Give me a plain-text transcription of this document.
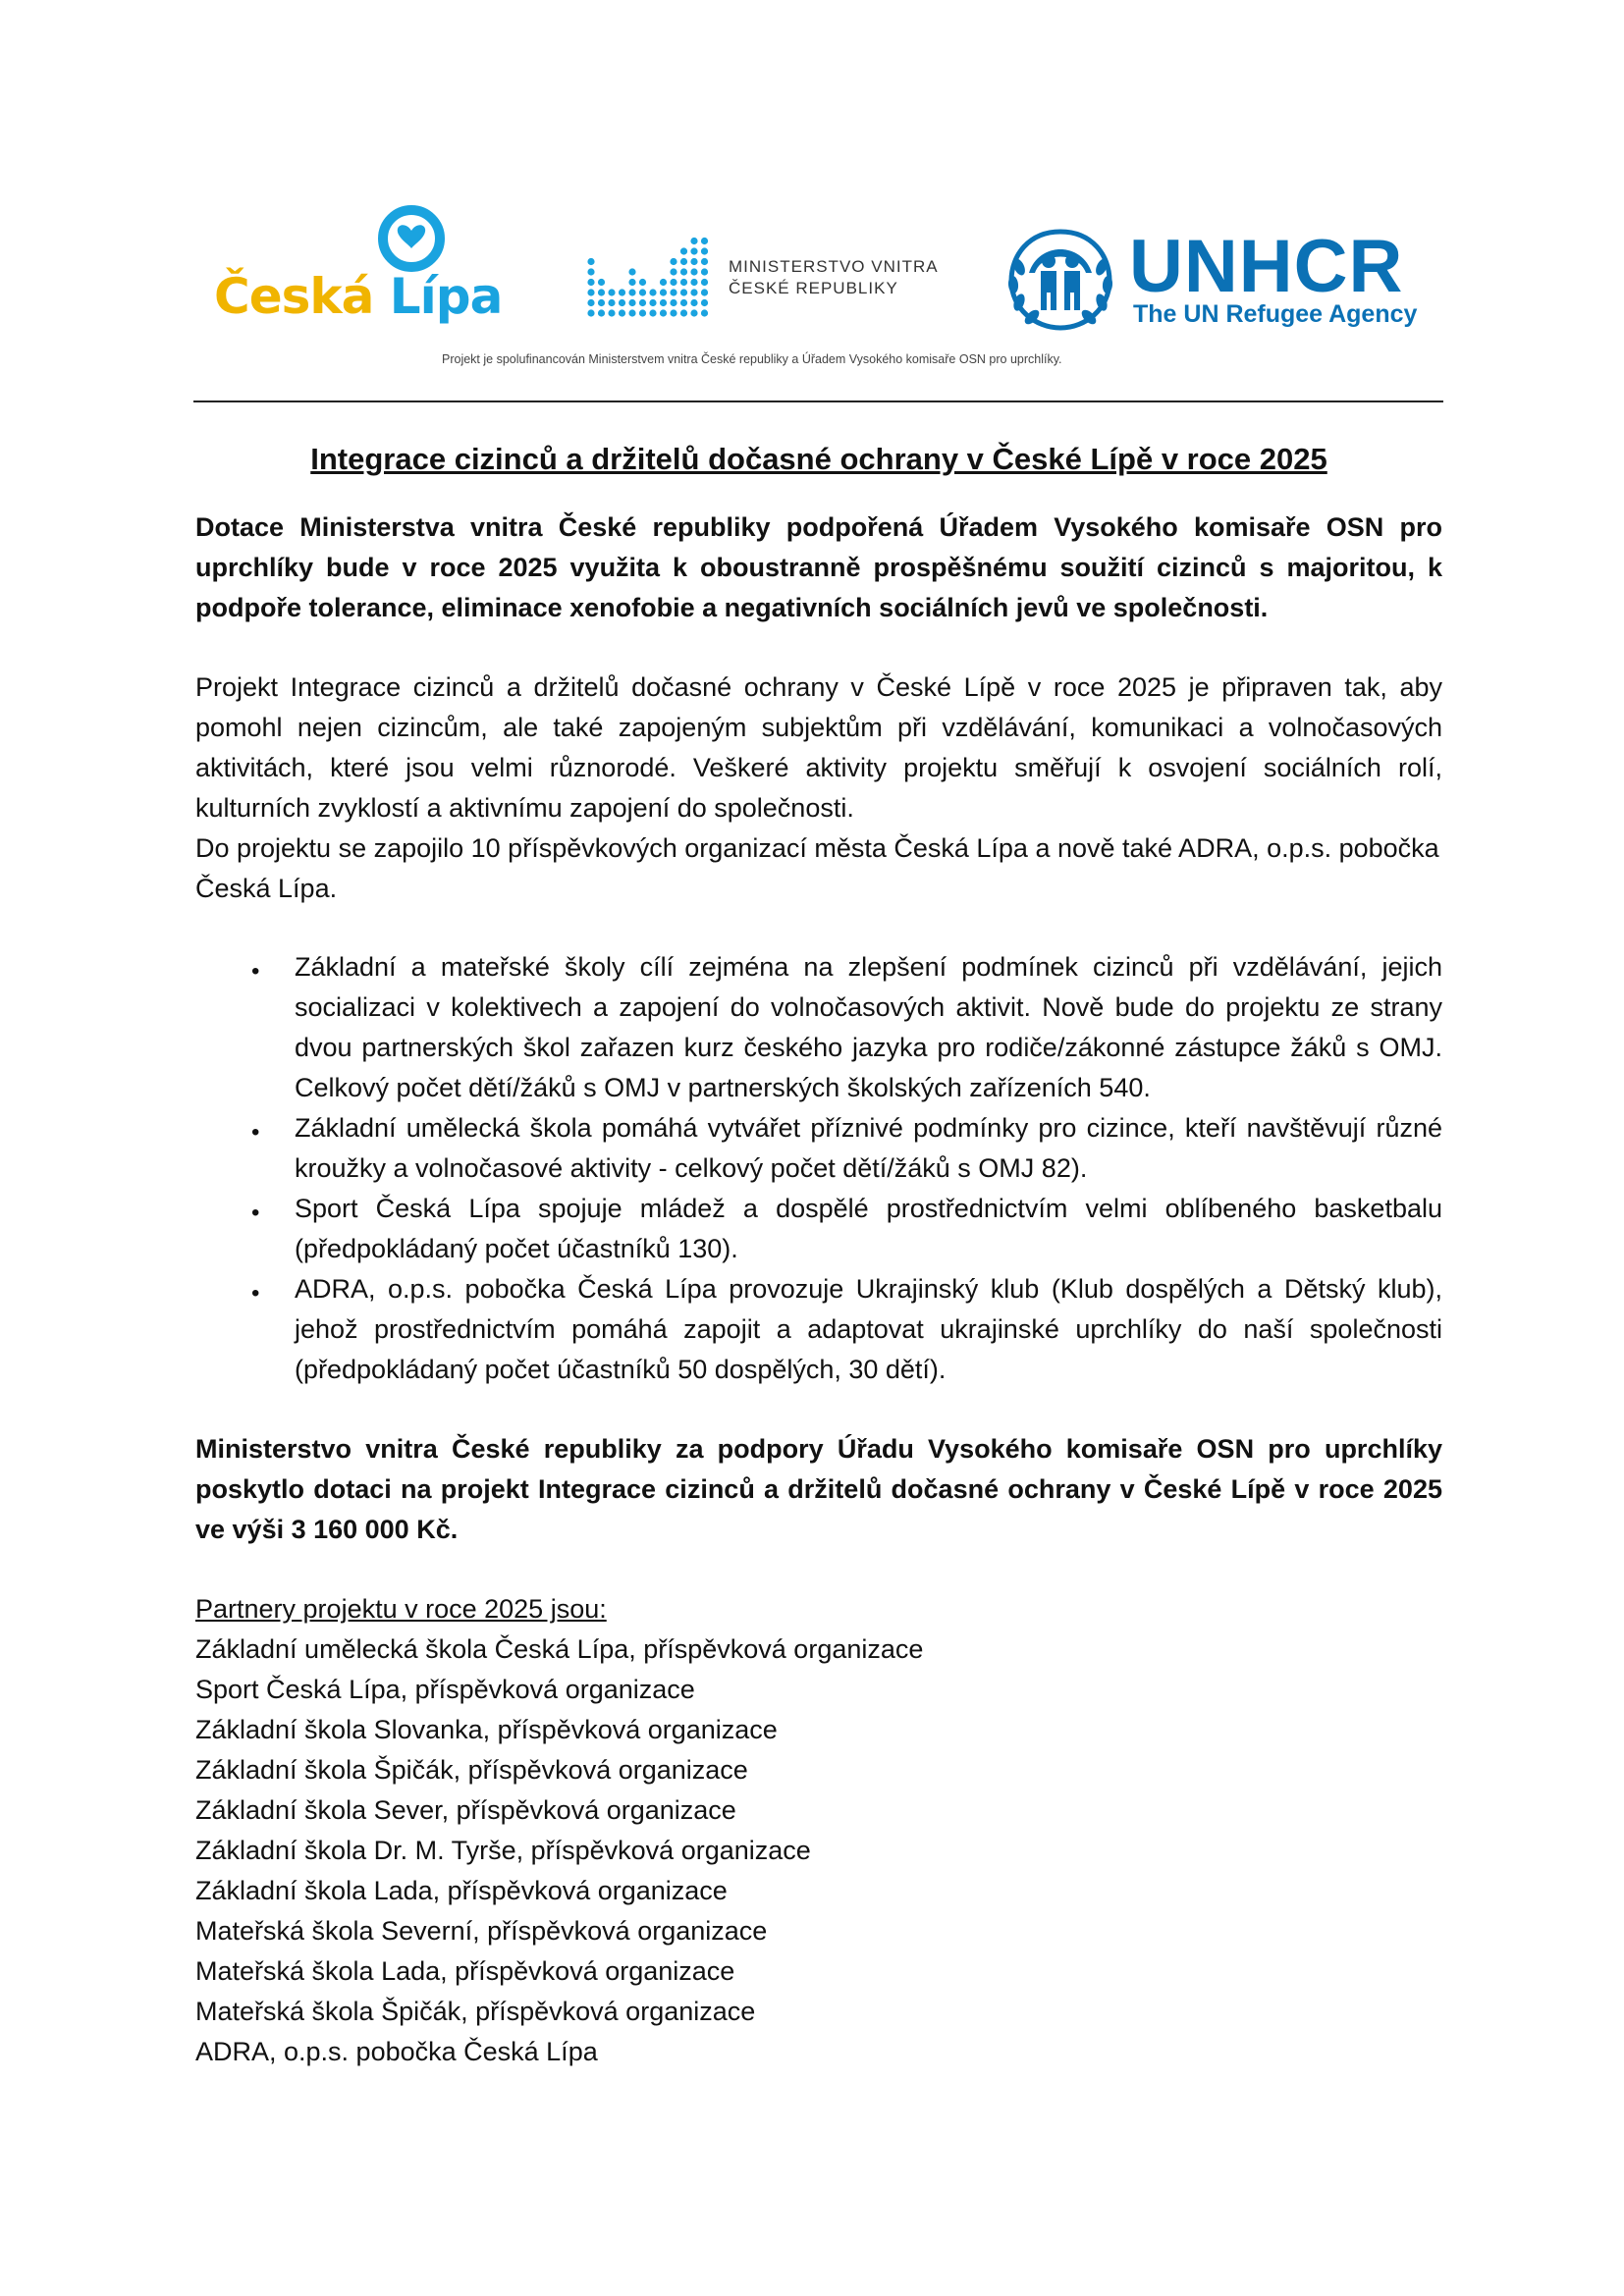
Česká Lípa
MINISTERSTVO VNITRA
ČESKÉ REPUBLIKY	UNHCR
The UN Refugee Agency
Projekt je spolufinancován Ministerstvem vnitra České republiky a Úřadem Vysokého komisaře OSN pro uprchlíky.

Integrace cizinců a držitelů dočasné ochrany v České Lípě v roce 2025

Dotace Ministerstva vnitra České republiky podpořená Úřadem Vysokého komisaře OSN pro uprchlíky bude v roce 2025 využita k oboustranně prospěšnému soužití cizinců s majoritou, k podpoře tolerance, eliminace xenofobie a negativních sociálních jevů ve společnosti.

Projekt Integrace cizinců a držitelů dočasné ochrany v České Lípě v roce 2025 je připraven tak, aby pomohl nejen cizincům, ale také zapojeným subjektům při vzdělávání, komunikaci a volnočasových aktivitách, které jsou velmi různorodé. Veškeré aktivity projektu směřují k osvojení sociálních rolí, kulturních zvyklostí a aktivnímu zapojení do společnosti.

Do projektu se zapojilo 10 příspěvkových organizací města Česká Lípa a nově také ADRA, o.p.s. pobočka Česká Lípa.

• Základní a mateřské školy cílí zejména na zlepšení podmínek cizinců při vzdělávání, jejich socializaci v kolektivech a zapojení do volnočasových aktivit. Nově bude do projektu ze strany dvou partnerských škol zařazen kurz českého jazyka pro rodiče/zákonné zástupce žáků s OMJ. Celkový počet dětí/žáků s OMJ v partnerských školských zařízeních 540.
• Základní umělecká škola pomáhá vytvářet příznivé podmínky pro cizince, kteří navštěvují různé kroužky a volnočasové aktivity - celkový počet dětí/žáků s OMJ 82).
• Sport Česká Lípa spojuje mládež a dospělé prostřednictvím velmi oblíbeného basketbalu (předpokládaný počet účastníků 130).
• ADRA, o.p.s. pobočka Česká Lípa provozuje Ukrajinský klub (Klub dospělých a Dětský klub), jehož prostřednictvím pomáhá zapojit a adaptovat ukrajinské uprchlíky do naší společnosti (předpokládaný počet účastníků 50 dospělých, 30 dětí).

Ministerstvo vnitra České republiky za podpory Úřadu Vysokého komisaře OSN pro uprchlíky poskytlo dotaci na projekt Integrace cizinců a držitelů dočasné ochrany v České Lípě v roce 2025 ve výši 3 160 000 Kč.

Partnery projektu v roce 2025 jsou:

Základní umělecká škola Česká Lípa, příspěvková organizace
Sport Česká Lípa, příspěvková organizace
Základní škola Slovanka, příspěvková organizace
Základní škola Špičák, příspěvková organizace
Základní škola Sever, příspěvková organizace
Základní škola Dr. M. Tyrše, příspěvková organizace
Základní škola Lada, příspěvková organizace
Mateřská škola Severní, příspěvková organizace
Mateřská škola Lada, příspěvková organizace
Mateřská škola Špičák, příspěvková organizace
ADRA, o.p.s. pobočka Česká Lípa
